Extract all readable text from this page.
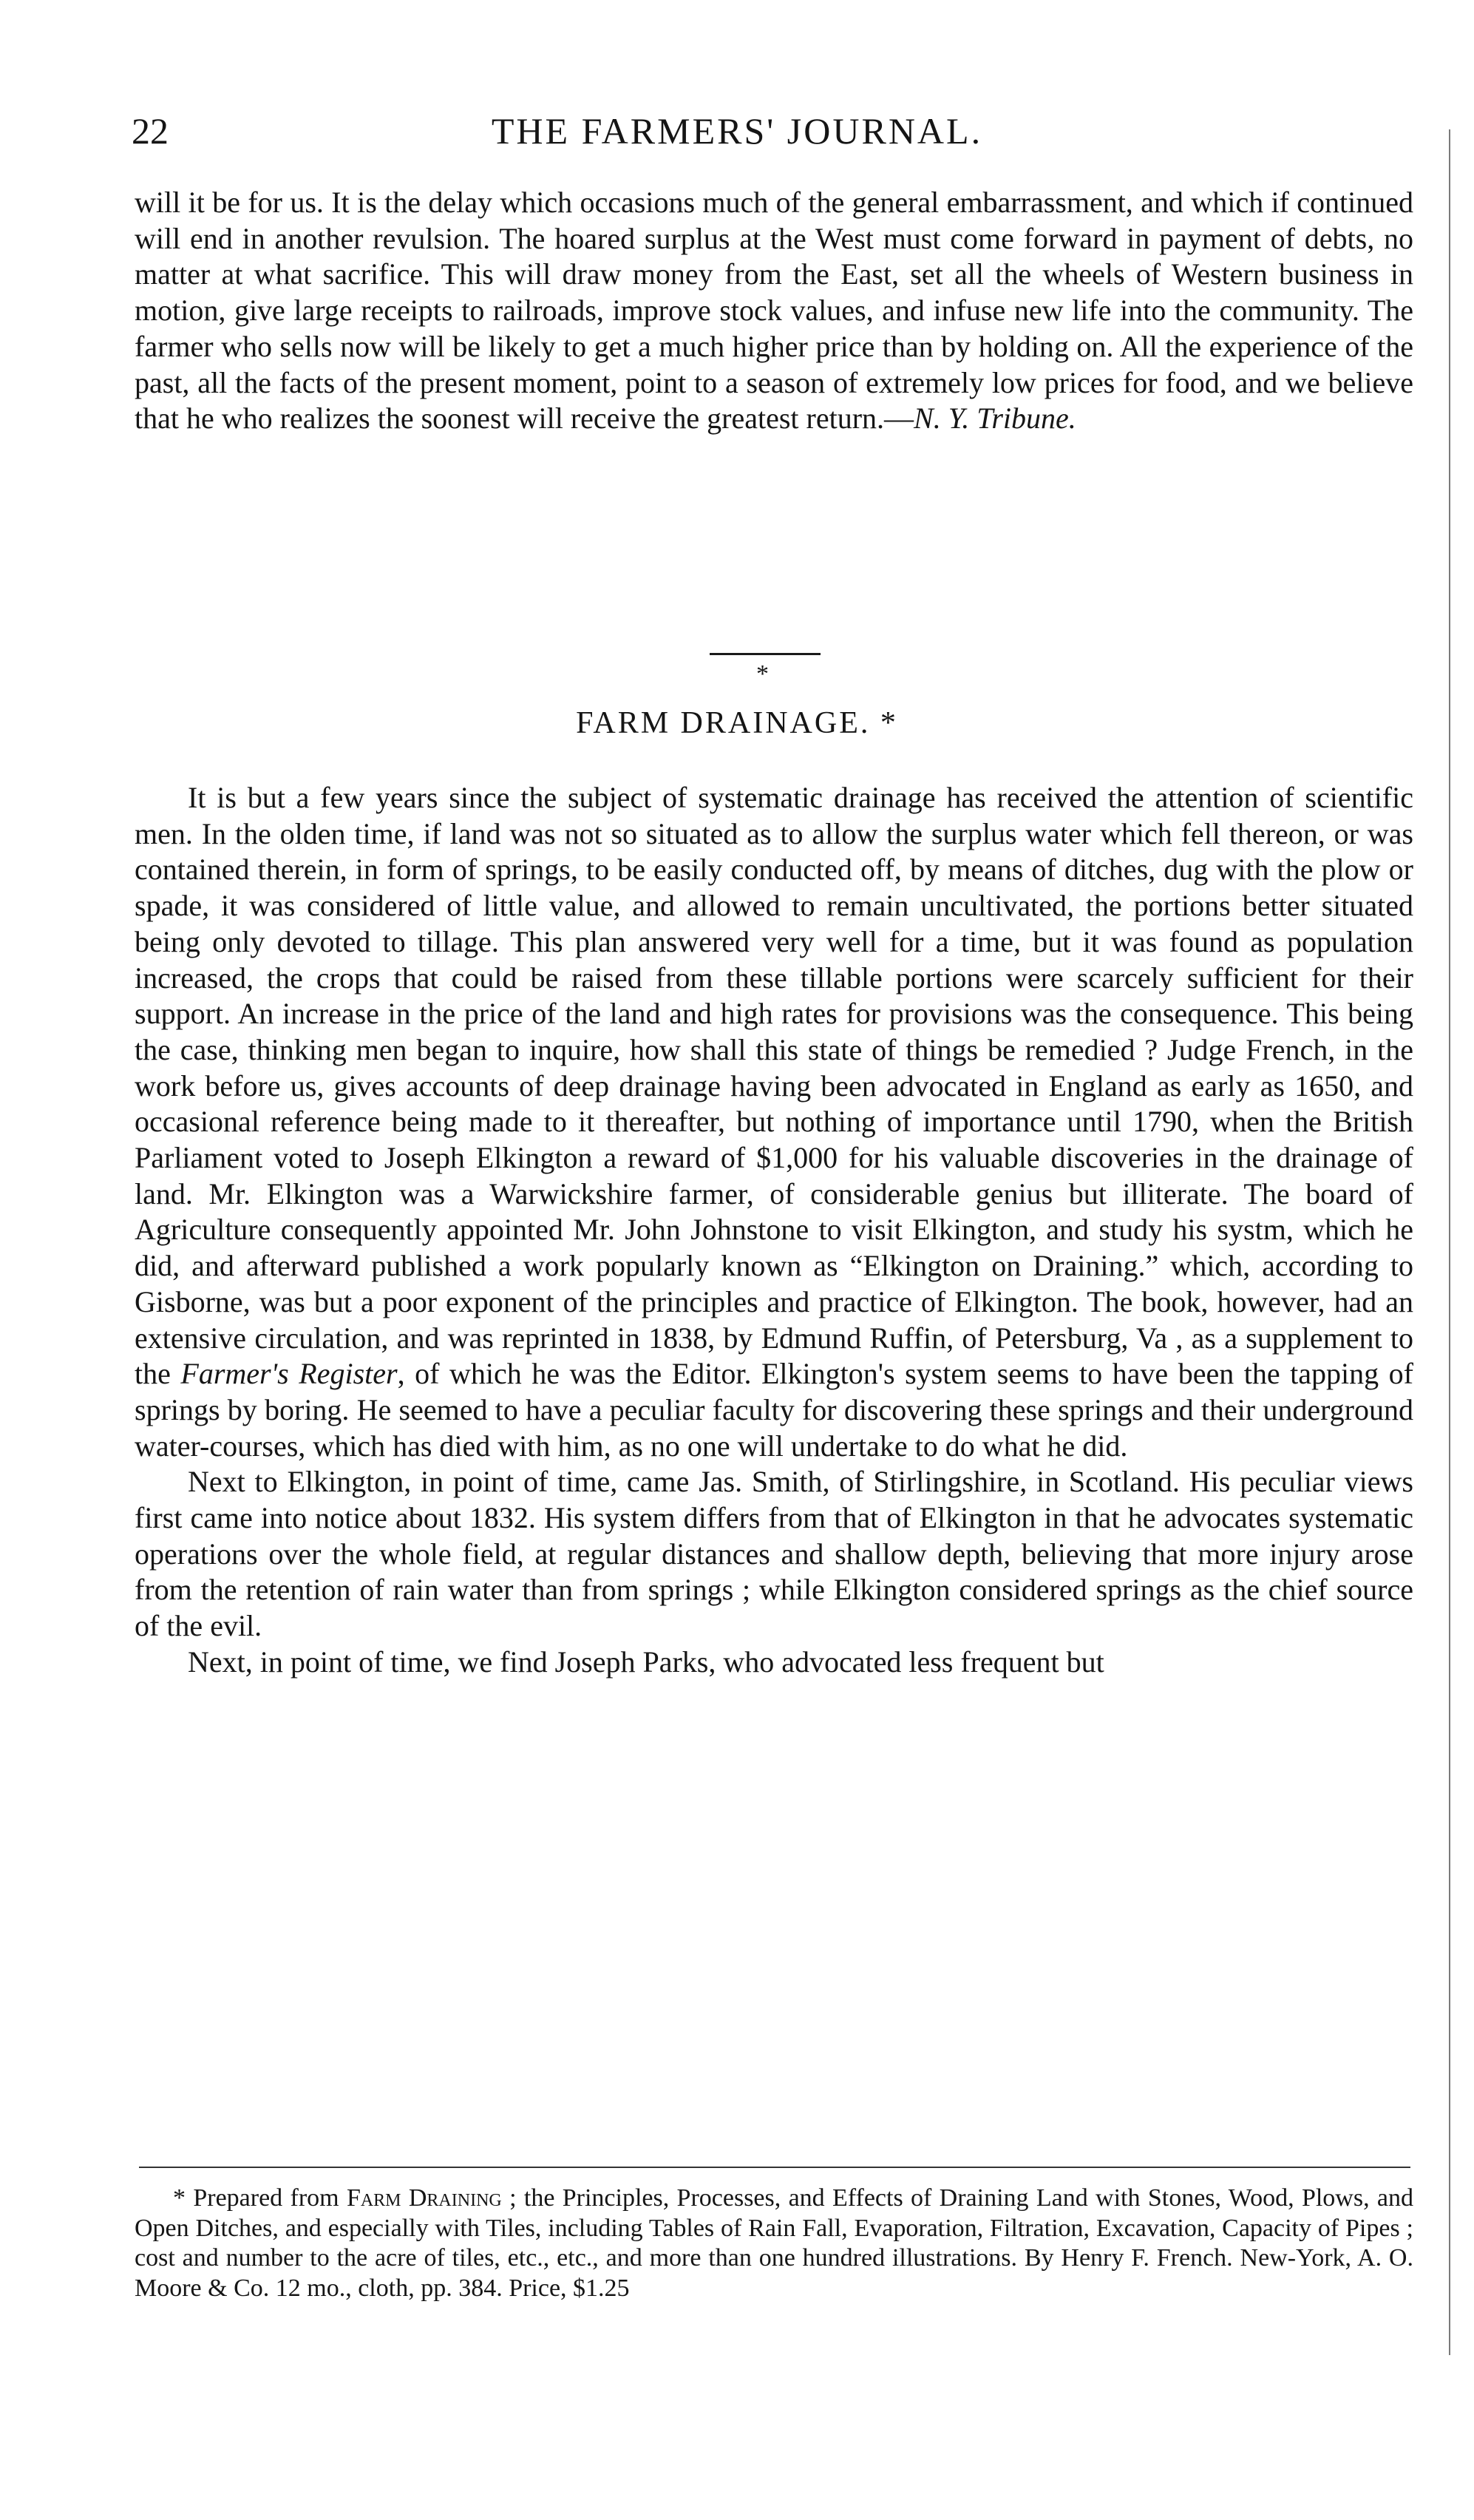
22	THE FARMERS' JOURNAL.

will it be for us. It is the delay which occasions much of the general embarrassment, and which if continued will end in another revulsion. The hoared surplus at the West must come forward in payment of debts, no matter at what sacrifice. This will draw money from the East, set all the wheels of Western business in motion, give large receipts to railroads, improve stock values, and infuse new life into the community. The farmer who sells now will be likely to get a much higher price than by holding on. All the experience of the past, all the facts of the present moment, point to a season of extremely low prices for food, and we believe that he who realizes the soonest will receive the greatest return.—N. Y. Tribune.

*
FARM DRAINAGE. *

It is but a few years since the subject of systematic drainage has received the attention of scientific men. In the olden time, if land was not so situated as to allow the surplus water which fell thereon, or was contained therein, in form of springs, to be easily conducted off, by means of ditches, dug with the plow or spade, it was considered of little value, and allowed to remain uncultivated, the portions better situated being only devoted to tillage. This plan answered very well for a time, but it was found as population increased, the crops that could be raised from these tillable portions were scarcely sufficient for their support. An increase in the price of the land and high rates for provisions was the consequence. This being the case, thinking men began to inquire, how shall this state of things be remedied ? Judge French, in the work before us, gives accounts of deep drainage having been advocated in England as early as 1650, and occasional reference being made to it thereafter, but nothing of importance until 1790, when the British Parliament voted to Joseph Elkington a reward of $1,000 for his valuable discoveries in the drainage of land. Mr. Elkington was a Warwickshire farmer, of considerable genius but illiterate. The board of Agriculture consequently appointed Mr. John Johnstone to visit Elkington, and study his systm, which he did, and afterward published a work popularly known as “Elkington on Draining.” which, according to Gisborne, was but a poor exponent of the principles and practice of Elkington. The book, however, had an extensive circulation, and was reprinted in 1838, by Edmund Ruffin, of Petersburg, Va , as a supplement to the Farmer's Register, of which he was the Editor. Elkington's system seems to have been the tapping of springs by boring. He seemed to have a peculiar faculty for discovering these springs and their underground water-courses, which has died with him, as no one will undertake to do what he did.

Next to Elkington, in point of time, came Jas. Smith, of Stirlingshire, in Scotland. His peculiar views first came into notice about 1832. His system differs from that of Elkington in that he advocates systematic operations over the whole field, at regular distances and shallow depth, believing that more injury arose from the retention of rain water than from springs ; while Elkington considered springs as the chief source of the evil.

Next, in point of time, we find Joseph Parks, who advocated less frequent but

* Prepared from Farm Draining ; the Principles, Processes, and Effects of Draining Land with Stones, Wood, Plows, and Open Ditches, and especially with Tiles, including Tables of Rain Fall, Evaporation, Filtration, Excavation, Capacity of Pipes ; cost and number to the acre of tiles, etc., etc., and more than one hundred illustrations. By Henry F. French. New-York, A. O. Moore & Co. 12 mo., cloth, pp. 384. Price, $1.25
